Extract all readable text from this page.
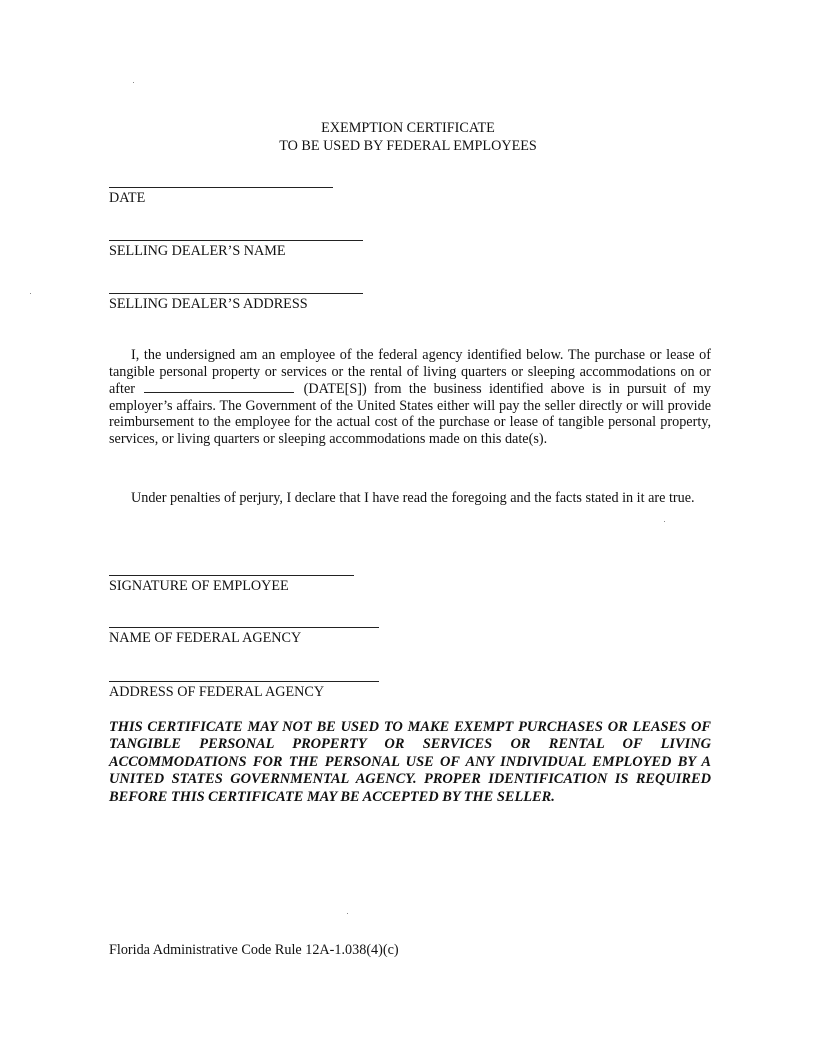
EXEMPTION CERTIFICATE
TO BE USED BY FEDERAL EMPLOYEES
DATE
SELLING DEALER’S NAME
SELLING DEALER’S ADDRESS
I, the undersigned am an employee of the federal agency identified below. The purchase or lease of tangible personal property or services or the rental of living quarters or sleeping accommodations on or after	(DATE[S]) from the business identified above is in pursuit of my employer’s affairs. The Government of the United States either will pay the seller directly or will provide reimbursement to the employee for the actual cost of the purchase or lease of tangible personal property, services, or living quarters or sleeping accommodations made on this date(s).
Under penalties of perjury, I declare that I have read the foregoing and the facts stated in it are true.
SIGNATURE OF EMPLOYEE
NAME OF FEDERAL AGENCY
ADDRESS OF FEDERAL AGENCY
THIS CERTIFICATE MAY NOT BE USED TO MAKE EXEMPT PURCHASES OR LEASES OF TANGIBLE PERSONAL PROPERTY OR SERVICES OR RENTAL OF LIVING ACCOMMODATIONS FOR THE PERSONAL USE OF ANY INDIVIDUAL EMPLOYED BY A UNITED STATES GOVERNMENTAL AGENCY. PROPER IDENTIFICATION IS REQUIRED BEFORE THIS CERTIFICATE MAY BE ACCEPTED BY THE SELLER.
Florida Administrative Code Rule 12A-1.038(4)(c)
